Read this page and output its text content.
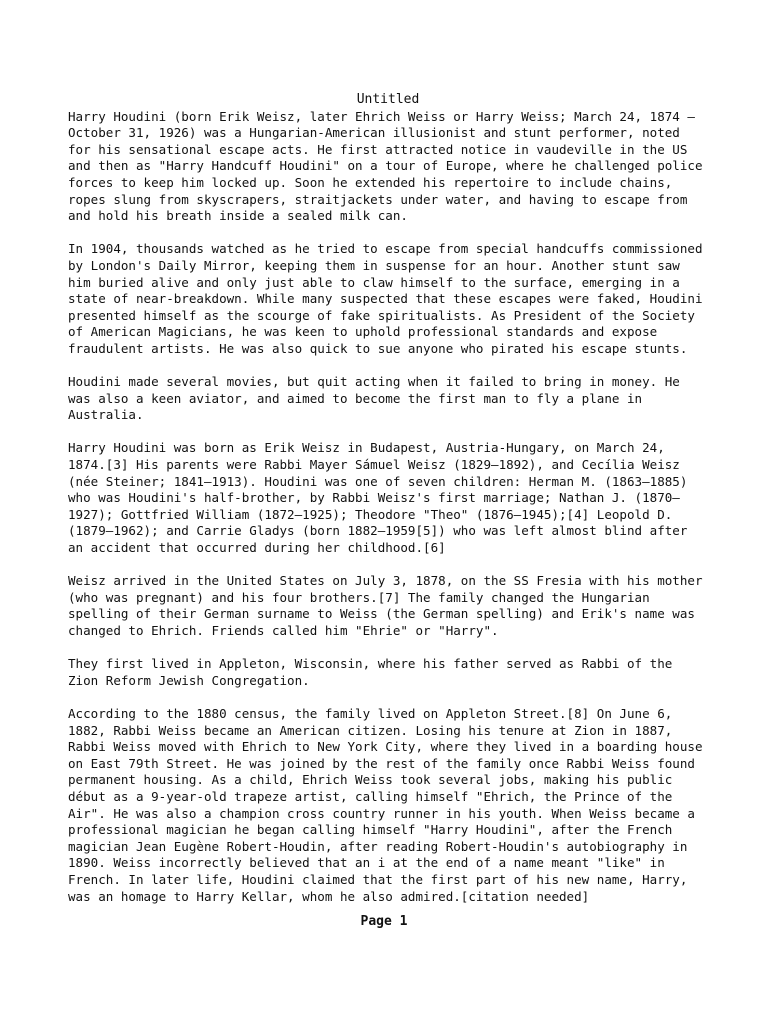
Untitled
Harry Houdini (born Erik Weisz, later Ehrich Weiss or Harry Weiss; March 24, 1874 –
October 31, 1926) was a Hungarian-American illusionist and stunt performer, noted
for his sensational escape acts. He first attracted notice in vaudeville in the US
and then as "Harry Handcuff Houdini" on a tour of Europe, where he challenged police
forces to keep him locked up. Soon he extended his repertoire to include chains,
ropes slung from skyscrapers, straitjackets under water, and having to escape from
and hold his breath inside a sealed milk can.
In 1904, thousands watched as he tried to escape from special handcuffs commissioned
by London's Daily Mirror, keeping them in suspense for an hour. Another stunt saw
him buried alive and only just able to claw himself to the surface, emerging in a
state of near-breakdown. While many suspected that these escapes were faked, Houdini
presented himself as the scourge of fake spiritualists. As President of the Society
of American Magicians, he was keen to uphold professional standards and expose
fraudulent artists. He was also quick to sue anyone who pirated his escape stunts.
Houdini made several movies, but quit acting when it failed to bring in money. He
was also a keen aviator, and aimed to become the first man to fly a plane in
Australia.
Harry Houdini was born as Erik Weisz in Budapest, Austria-Hungary, on March 24,
1874.[3] His parents were Rabbi Mayer Sámuel Weisz (1829–1892), and Cecília Weisz
(née Steiner; 1841–1913). Houdini was one of seven children: Herman M. (1863–1885)
who was Houdini's half-brother, by Rabbi Weisz's first marriage; Nathan J. (1870–
1927); Gottfried William (1872–1925); Theodore "Theo" (1876–1945);[4] Leopold D.
(1879–1962); and Carrie Gladys (born 1882–1959[5]) who was left almost blind after
an accident that occurred during her childhood.[6]
Weisz arrived in the United States on July 3, 1878, on the SS Fresia with his mother
(who was pregnant) and his four brothers.[7] The family changed the Hungarian
spelling of their German surname to Weiss (the German spelling) and Erik's name was
changed to Ehrich. Friends called him "Ehrie" or "Harry".
They first lived in Appleton, Wisconsin, where his father served as Rabbi of the
Zion Reform Jewish Congregation.
According to the 1880 census, the family lived on Appleton Street.[8] On June 6,
1882, Rabbi Weiss became an American citizen. Losing his tenure at Zion in 1887,
Rabbi Weiss moved with Ehrich to New York City, where they lived in a boarding house
on East 79th Street. He was joined by the rest of the family once Rabbi Weiss found
permanent housing. As a child, Ehrich Weiss took several jobs, making his public
début as a 9-year-old trapeze artist, calling himself "Ehrich, the Prince of the
Air". He was also a champion cross country runner in his youth. When Weiss became a
professional magician he began calling himself "Harry Houdini", after the French
magician Jean Eugène Robert-Houdin, after reading Robert-Houdin's autobiography in
1890. Weiss incorrectly believed that an i at the end of a name meant "like" in
French. In later life, Houdini claimed that the first part of his new name, Harry,
was an homage to Harry Kellar, whom he also admired.[citation needed]
Page 1
